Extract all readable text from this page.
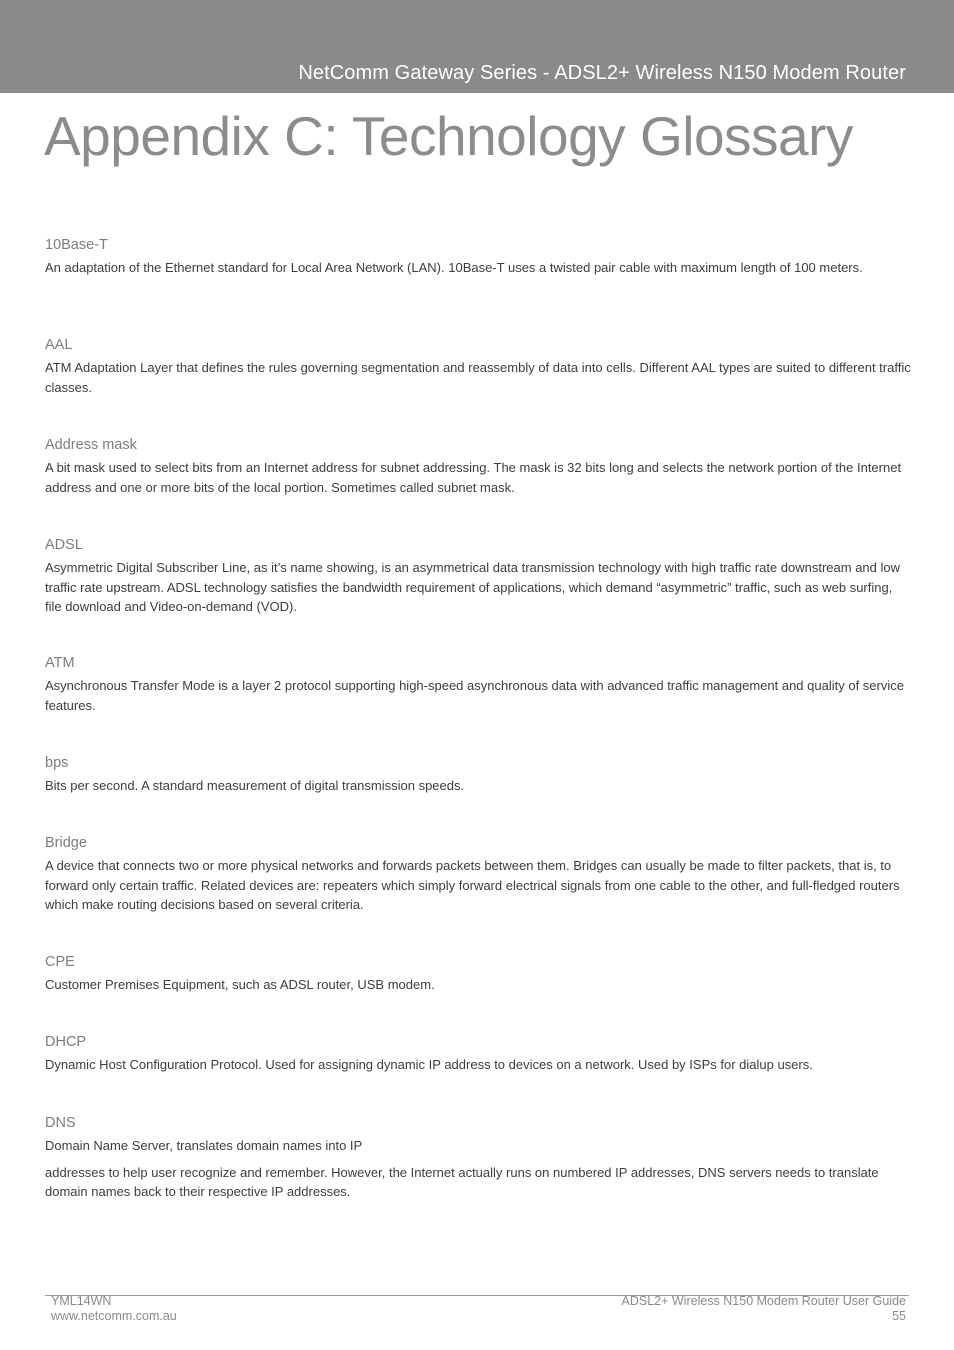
NetComm Gateway Series - ADSL2+ Wireless N150 Modem Router
Appendix C: Technology Glossary
10Base-T

An adaptation of the Ethernet standard for Local Area Network (LAN). 10Base-T uses a twisted pair cable with maximum length of 100 meters.

AAL

ATM Adaptation Layer that defines the rules governing segmentation and reassembly of data into cells. Different AAL types are suited to different traffic classes.

Address mask

A bit mask used to select bits from an Internet address for subnet addressing. The mask is 32 bits long and selects the network portion of the Internet address and one or more bits of the local portion. Sometimes called subnet mask.

ADSL

Asymmetric Digital Subscriber Line, as it’s name showing, is an asymmetrical data transmission technology with high traffic rate downstream and low traffic rate upstream. ADSL technology satisfies the bandwidth requirement of applications, which demand “asymmetric” traffic, such as web surfing, file download and Video-on-demand (VOD).

ATM

Asynchronous Transfer Mode is a layer 2 protocol supporting high-speed asynchronous data with advanced traffic management and quality of service features.

bps

Bits per second. A standard measurement of digital transmission speeds.

Bridge

A device that connects two or more physical networks and forwards packets between them. Bridges can usually be made to filter packets, that is, to forward only certain traffic. Related devices are: repeaters which simply forward electrical signals from one cable to the other, and full-fledged routers which make routing decisions based on several criteria.

CPE

Customer Premises Equipment, such as ADSL router, USB modem.

DHCP

Dynamic Host Configuration Protocol. Used for assigning dynamic IP address to devices on a network. Used by ISPs for dialup users.

DNS

Domain Name Server, translates domain names into IP

addresses to help user recognize and remember. However, the Internet actually runs on numbered IP addresses, DNS servers needs to translate domain names back to their respective IP addresses.

YML14WN
www.netcomm.com.au
ADSL2+ Wireless N150 Modem Router User Guide
55
